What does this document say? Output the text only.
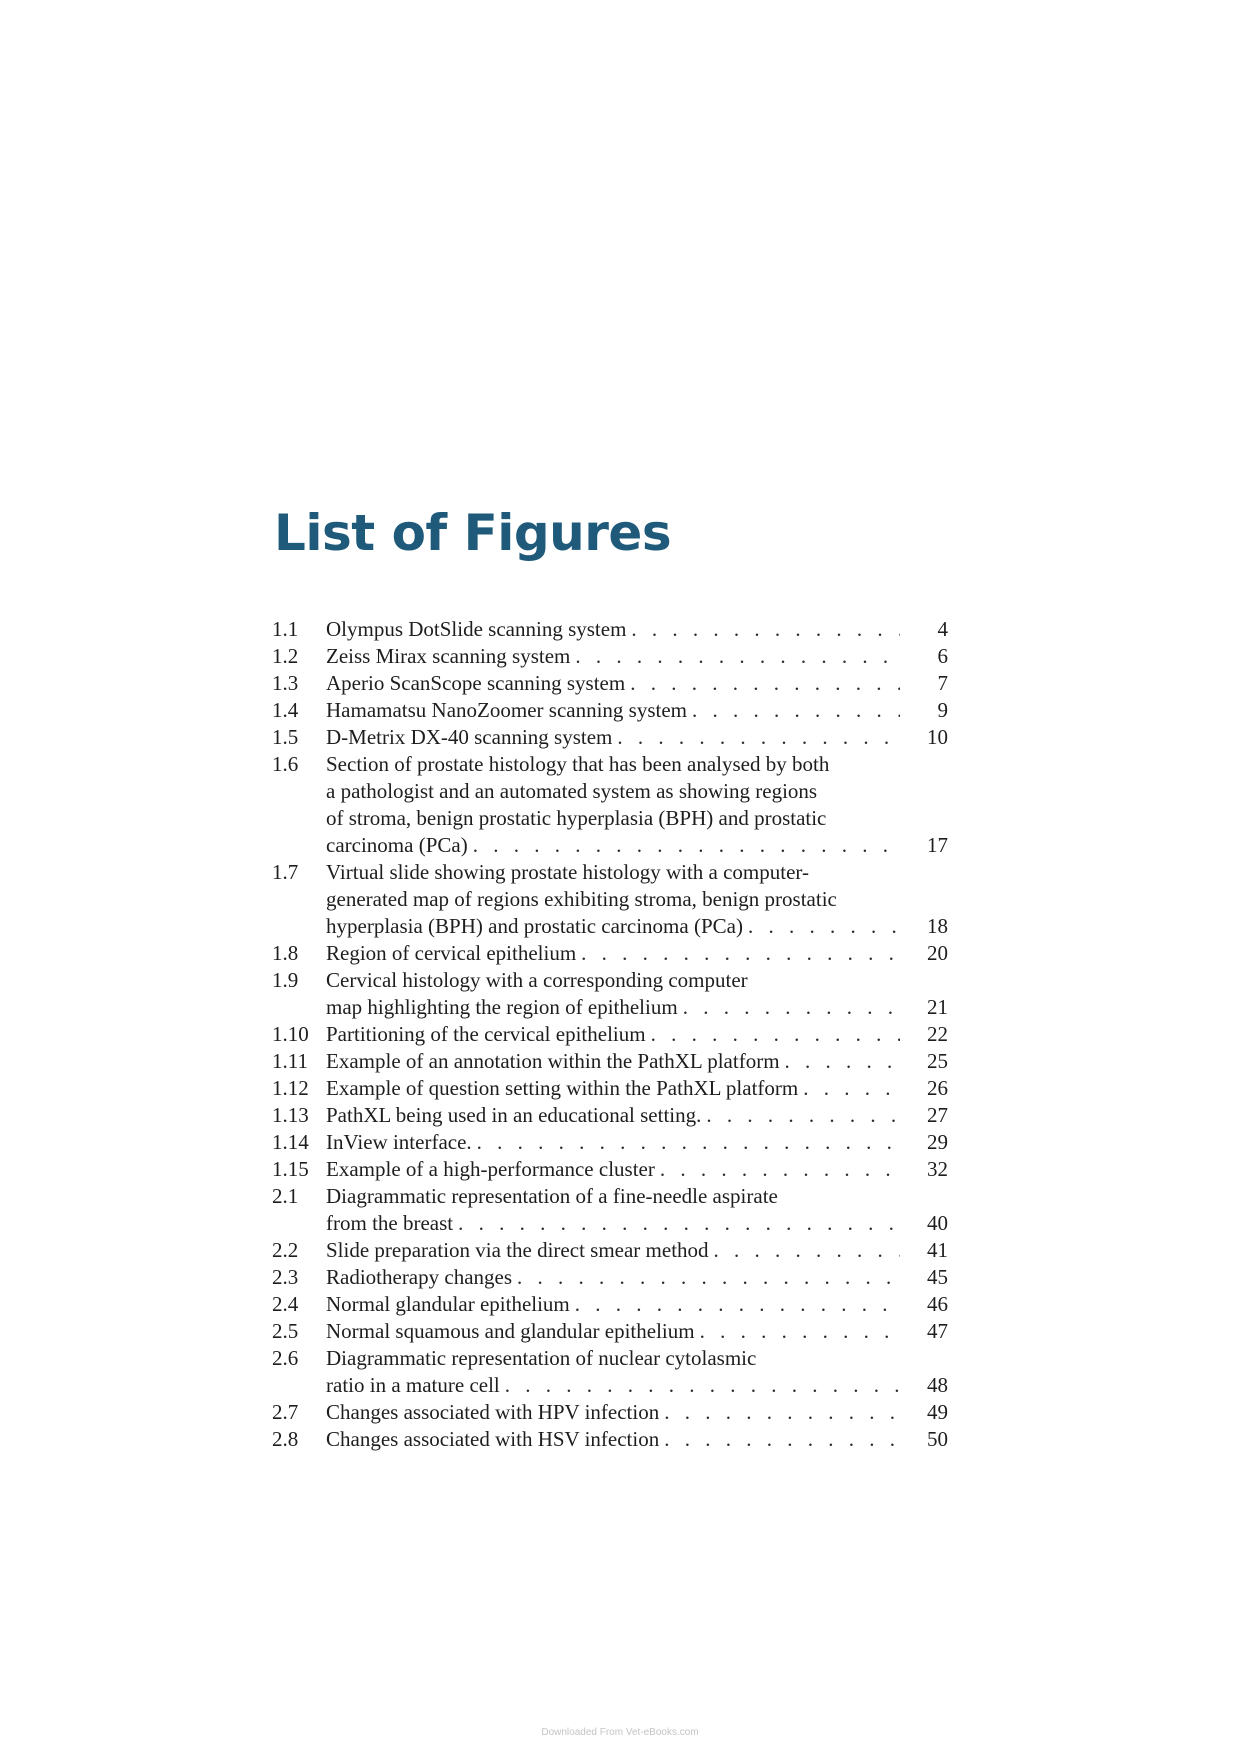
List of Figures
1.1	Olympus DotSlide scanning system . . .	4
1.2	Zeiss Mirax scanning system . . .	6
1.3	Aperio ScanScope scanning system . . .	7
1.4	Hamamatsu NanoZoomer scanning system . . .	9
1.5	D-Metrix DX-40 scanning system . . .	10
1.6	Section of prostate histology that has been analysed by both
a pathologist and an automated system as showing regions
of stroma, benign prostatic hyperplasia (BPH) and prostatic
carcinoma (PCa) . . .	17
1.7	Virtual slide showing prostate histology with a computer-
generated map of regions exhibiting stroma, benign prostatic
hyperplasia (BPH) and prostatic carcinoma (PCa) . . .	18
1.8	Region of cervical epithelium . . .	20
1.9	Cervical histology with a corresponding computer
map highlighting the region of epithelium . . .	21
1.10 Partitioning of the cervical epithelium . . .	22
1.11 Example of an annotation within the PathXL platform . . .	25
1.12 Example of question setting within the PathXL platform . . .	26
1.13 PathXL being used in an educational setting. . . .	27
1.14 InView interface. . . .	29
1.15 Example of a high-performance cluster . . .	32
2.1	Diagrammatic representation of a fine-needle aspirate
from the breast . . .	40
2.2	Slide preparation via the direct smear method . . .	41
2.3	Radiotherapy changes . . .	45
2.4	Normal glandular epithelium . . .	46
2.5	Normal squamous and glandular epithelium . . .	47
2.6	Diagrammatic representation of nuclear cytolasmic
ratio in a mature cell . . .	48
2.7	Changes associated with HPV infection . . .	49
2.8	Changes associated with HSV infection . . .	50
Downloaded From Vet-eBooks.com
